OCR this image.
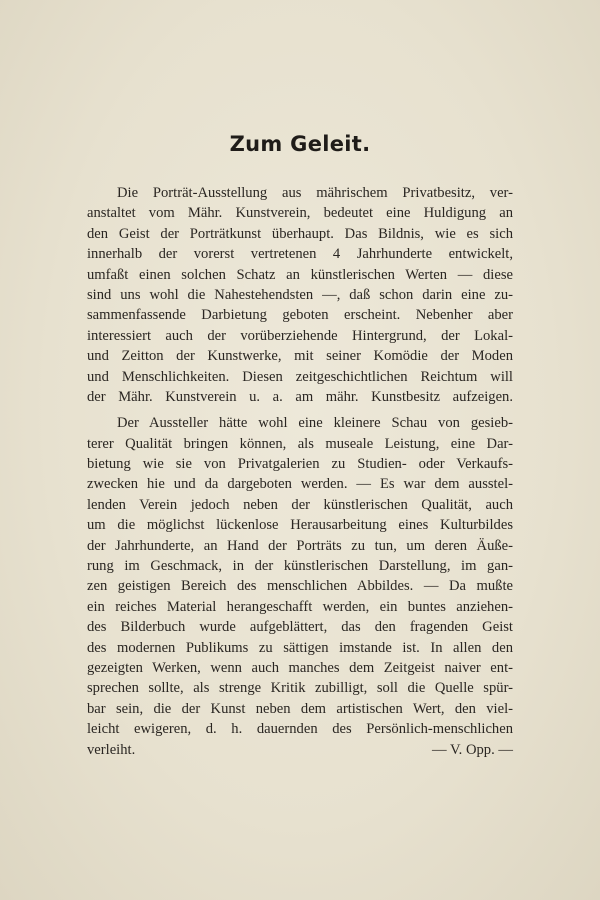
Zum Geleit.
Die Porträt-Ausstellung aus mährischem Privatbesitz, ver-
anstaltet vom Mähr. Kunstverein, bedeutet eine Huldigung an
den Geist der Porträtkunst überhaupt. Das Bildnis, wie es sich
innerhalb der vorerst vertretenen 4 Jahrhunderte entwickelt,
umfaßt einen solchen Schatz an künstlerischen Werten — diese
sind uns wohl die Nahestehendsten —, daß schon darin eine zu-
sammenfassende Darbietung geboten erscheint. Nebenher aber
interessiert auch der vorüberziehende Hintergrund, der Lokal-
und Zeitton der Kunstwerke, mit seiner Komödie der Moden
und Menschlichkeiten. Diesen zeitgeschichtlichen Reichtum will
der Mähr. Kunstverein u. a. am mähr. Kunstbesitz aufzeigen.
Der Aussteller hätte wohl eine kleinere Schau von gesieb-
terer Qualität bringen können, als museale Leistung, eine Dar-
bietung wie sie von Privatgalerien zu Studien- oder Verkaufs-
zwecken hie und da dargeboten werden. — Es war dem ausstel-
lenden Verein jedoch neben der künstlerischen Qualität, auch
um die möglichst lückenlose Herausarbeitung eines Kulturbildes
der Jahrhunderte, an Hand der Porträts zu tun, um deren Äuße-
rung im Geschmack, in der künstlerischen Darstellung, im gan-
zen geistigen Bereich des menschlichen Abbildes. — Da mußte
ein reiches Material herangeschafft werden, ein buntes anziehen-
des Bilderbuch wurde aufgeblättert, das den fragenden Geist
des modernen Publikums zu sättigen imstande ist. In allen den
gezeigten Werken, wenn auch manches dem Zeitgeist naiver ent-
sprechen sollte, als strenge Kritik zubilligt, soll die Quelle spür-
bar sein, die der Kunst neben dem artistischen Wert, den viel-
leicht ewigeren, d. h. dauernden des Persönlich-menschlichen
verleiht.	— V. Opp. —
